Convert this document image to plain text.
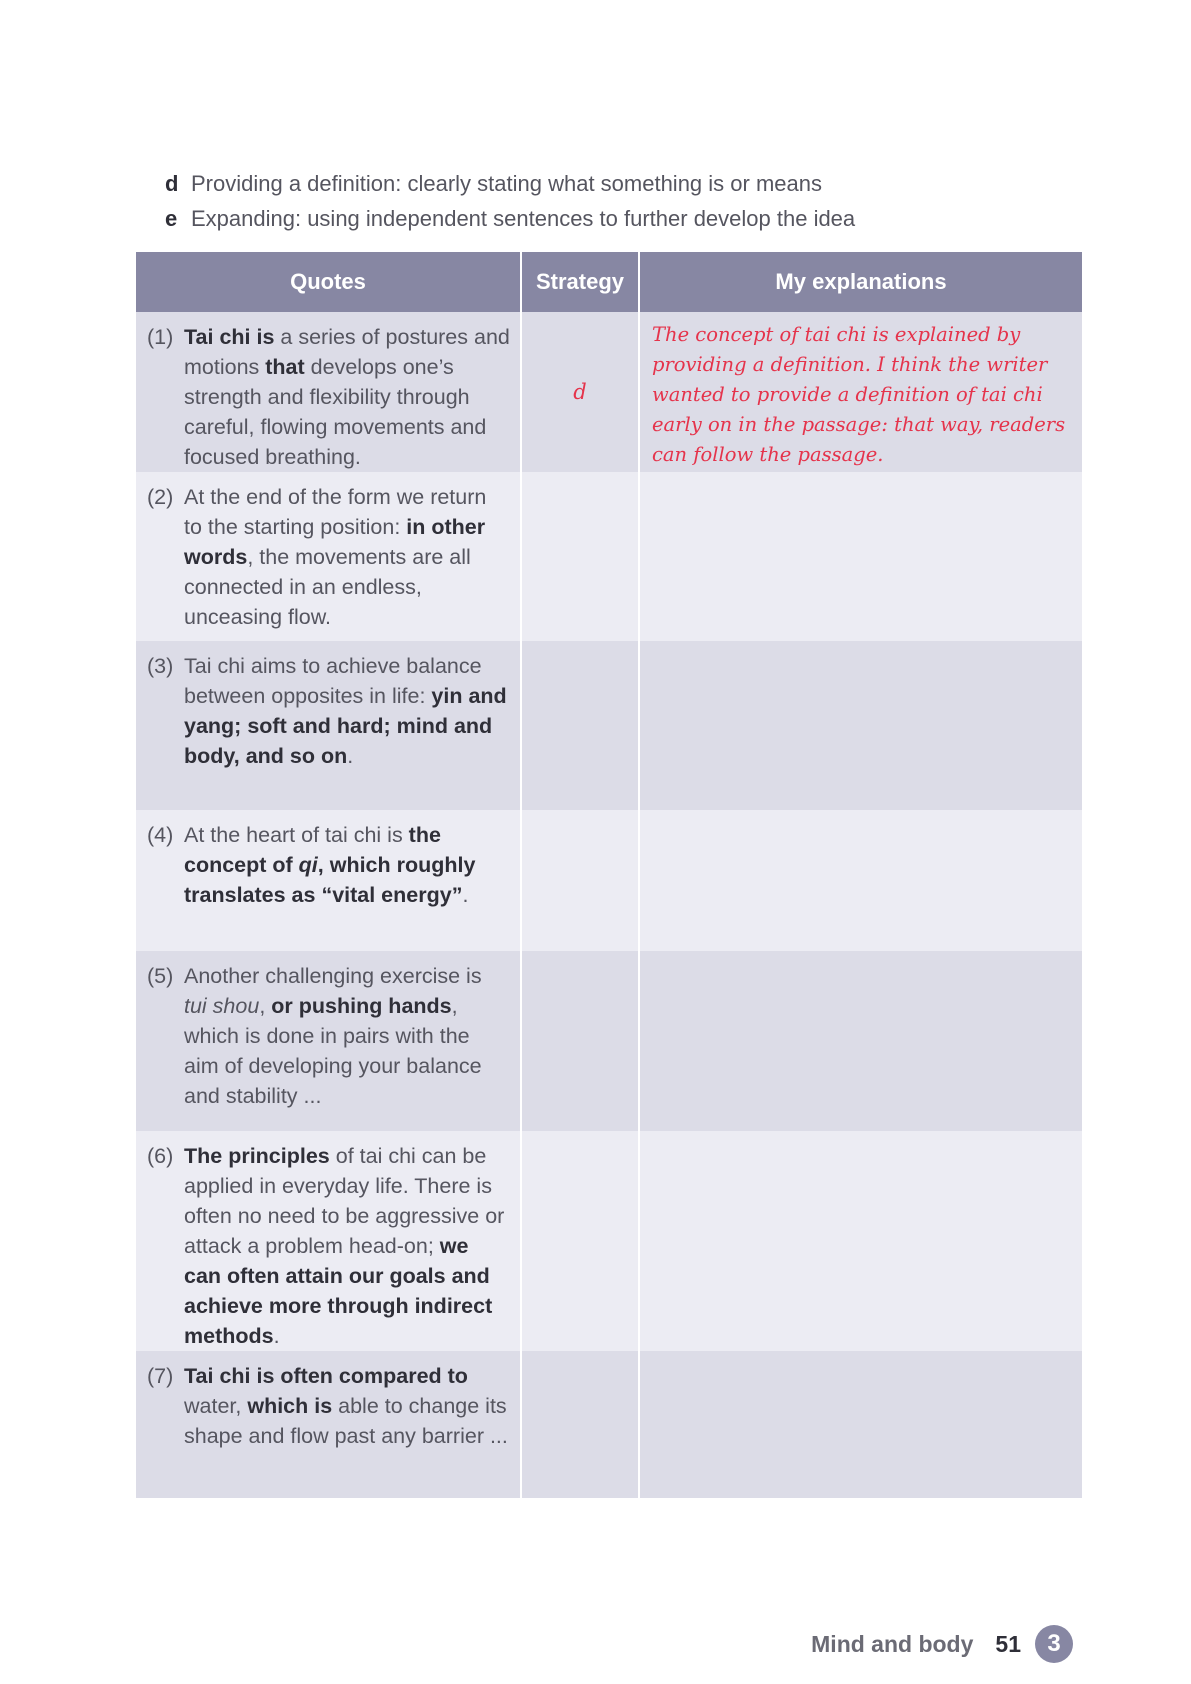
d Providing a definition: clearly stating what something is or means
e Expanding: using independent sentences to further develop the idea
Quotes	Strategy	My explanations

(1) Tai chi is a series of postures and motions that develops one’s strength and flexibility through careful, flowing movements and focused breathing.	d	The concept of tai chi is explained by providing a definition. I think the writer wanted to provide a definition of tai chi early on in the passage: that way, readers can follow the passage.

(2) At the end of the form we return to the starting position: in other words, the movements are all connected in an endless, unceasing flow.		

(3) Tai chi aims to achieve balance between opposites in life: yin and yang; soft and hard; mind and body, and so on.		

(4) At the heart of tai chi is the concept of qi, which roughly translates as “vital energy”.		

(5) Another challenging exercise is tui shou, or pushing hands, which is done in pairs with the aim of developing your balance and stability ...		

(6) The principles of tai chi can be applied in everyday life. There is often no need to be aggressive or attack a problem head-on; we can often attain our goals and achieve more through indirect methods.		

(7) Tai chi is often compared to water, which is able to change its shape and flow past any barrier ...		

Mind and body 51	3
